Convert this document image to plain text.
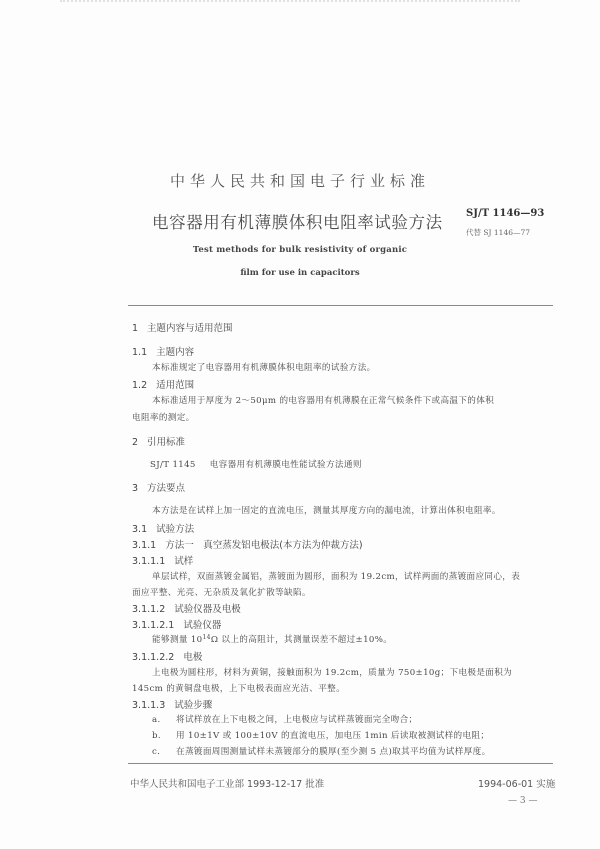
中华人民共和国电子行业标准
电容器用有机薄膜体积电阻率试验方法 SJ/T 1146—93
代替 SJ 1146—77
Test methods for bulk resistivity of organic
film for use in capacitors
1 主题内容与适用范围
1.1 主题内容
本标准规定了电容器用有机薄膜体积电阻率的试验方法。
1.2 适用范围
本标准适用于厚度为 2～50μm 的电容器用有机薄膜在正常气候条件下或高温下的体积
电阻率的测定。
2 引用标准
SJ/T 1145 电容器用有机薄膜电性能试验方法通则
3 方法要点
本方法是在试样上加一固定的直流电压，测量其厚度方向的漏电流，计算出体积电阻率。
3.1 试验方法
3.1.1 方法一　真空蒸发铝电极法(本方法为仲裁方法)
3.1.1.1 试样
单层试样，双面蒸镀金属铝，蒸镀面为圆形，面积为 19.2cm，试样两面的蒸镀面应同心，表
面应平整、光亮、无杂质及氧化扩散等缺陷。
3.1.1.2 试验仪器及电极
3.1.1.2.1 试验仪器
能够测量 $10^{14}\Omega$ 以上的高阻计，其测量误差不超过±10%。
3.1.1.2.2 电极
上电极为圆柱形，材料为黄铜，接触面积为 19.2cm，质量为 750±10g；下电极是面积为
145cm 的黄铜盘电极，上下电极表面应光洁、平整。
3.1.1.3 试验步骤
a. 将试样放在上下电极之间，上电极应与试样蒸镀面完全吻合；
b. 用 10±1V 或 100±10V 的直流电压，加电压 1min 后读取被测试样的电阻；
c. 在蒸镀面周围测量试样未蒸镀部分的膜厚(至少测 5 点)取其平均值为试样厚度。
中华人民共和国电子工业部 1993-12-17 批准	1994-06-01 实施
— 3 —
